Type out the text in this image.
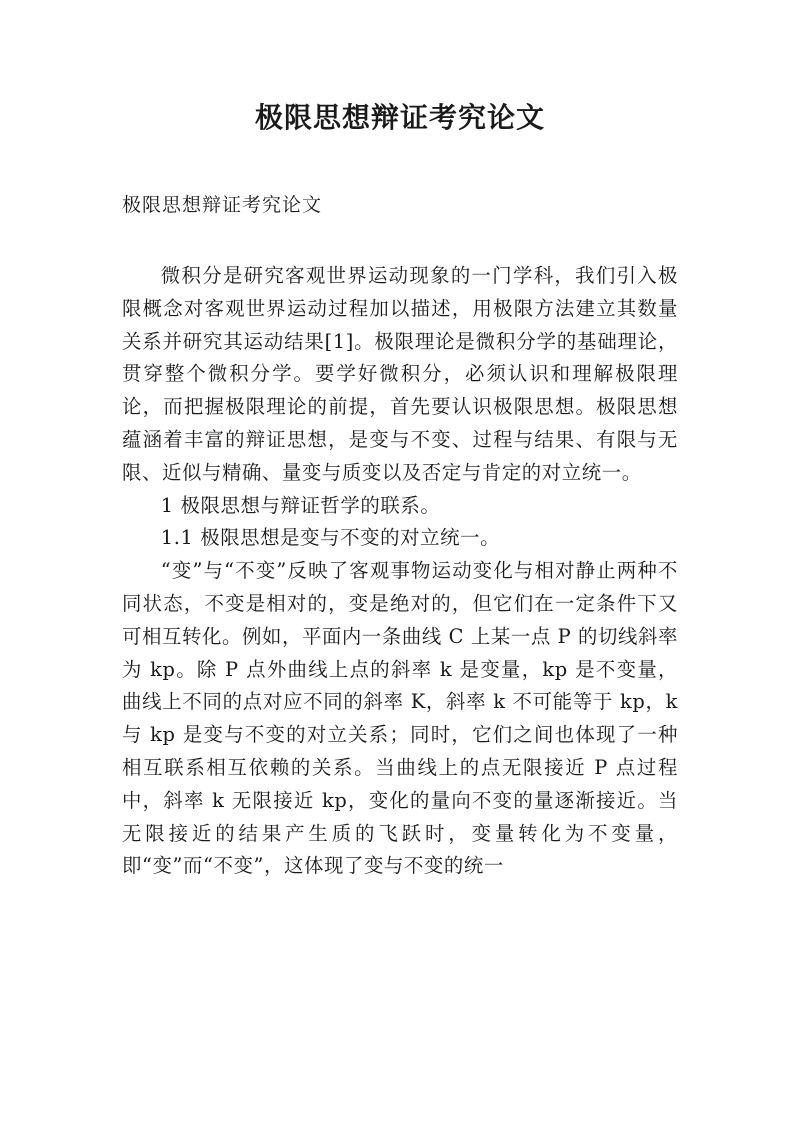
极限思想辩证考究论文

极限思想辩证考究论文

微积分是研究客观世界运动现象的一门学科，我们引入极限概念对客观世界运动过程加以描述，用极限方法建立其数量关系并研究其运动结果[1]。极限理论是微积分学的基础理论，贯穿整个微积分学。要学好微积分，必须认识和理解极限理论，而把握极限理论的前提，首先要认识极限思想。极限思想蕴涵着丰富的辩证思想，是变与不变、过程与结果、有限与无限、近似与精确、量变与质变以及否定与肯定的对立统一。

1 极限思想与辩证哲学的联系。

1.1 极限思想是变与不变的对立统一。

“变”与“不变”反映了客观事物运动变化与相对静止两种不同状态，不变是相对的，变是绝对的，但它们在一定条件下又可相互转化。例如，平面内一条曲线 C 上某一点 P 的切线斜率为 kp。除 P 点外曲线上点的斜率 k 是变量，kp 是不变量，曲线上不同的点对应不同的斜率 K，斜率 k 不可能等于 kp，k 与 kp 是变与不变的对立关系；同时，它们之间也体现了一种相互联系相互依赖的关系。当曲线上的点无限接近 P 点过程中，斜率 k 无限接近 kp，变化的量向不变的量逐渐接近。当无限接近的结果产生质的飞跃时，变量转化为不变量，即“变”而“不变”，这体现了变与不变的统一
